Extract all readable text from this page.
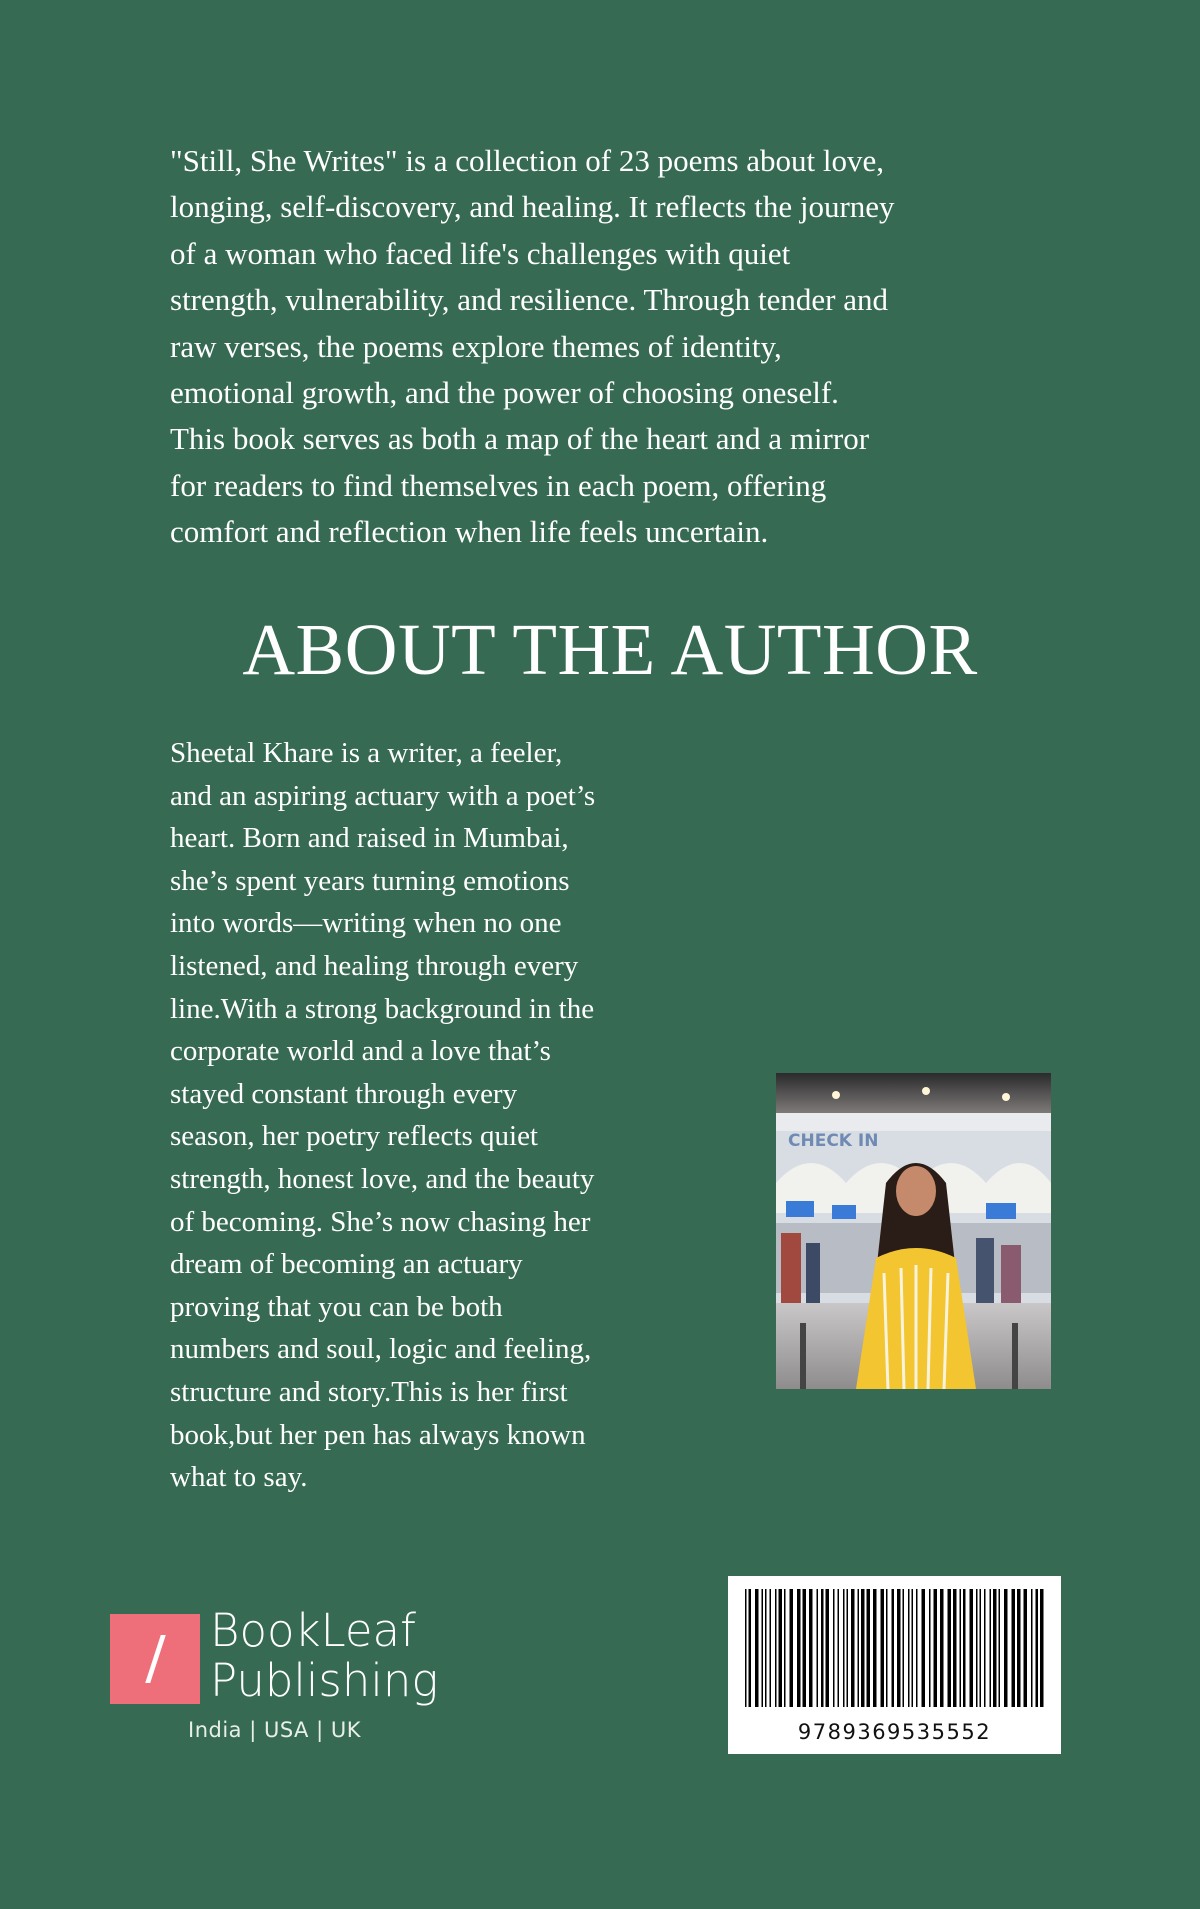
"Still, She Writes" is a collection of 23 poems about love,
longing, self-discovery, and healing. It reflects the journey
of a woman who faced life's challenges with quiet
strength, vulnerability, and resilience. Through tender and
raw verses, the poems explore themes of identity,
emotional growth, and the power of choosing oneself.
This book serves as both a map of the heart and a mirror
for readers to find themselves in each poem, offering
comfort and reflection when life feels uncertain.

ABOUT THE AUTHOR

Sheetal Khare is a writer, a feeler,
and an aspiring actuary with a poet’s
heart. Born and raised in Mumbai,
she’s spent years turning emotions
into words—writing when no one
listened, and healing through every
line.With a strong background in the
corporate world and a love that’s
stayed constant through every
season, her poetry reflects quiet
strength, honest love, and the beauty
of becoming. She’s now chasing her
dream of becoming an actuary
proving that you can be both
numbers and soul, logic and feeling,
structure and story.This is her first
book,but her pen has always known
what to say.

CHECK IN
BookLeaf
Publishing
India | USA | UK	9789369535552
